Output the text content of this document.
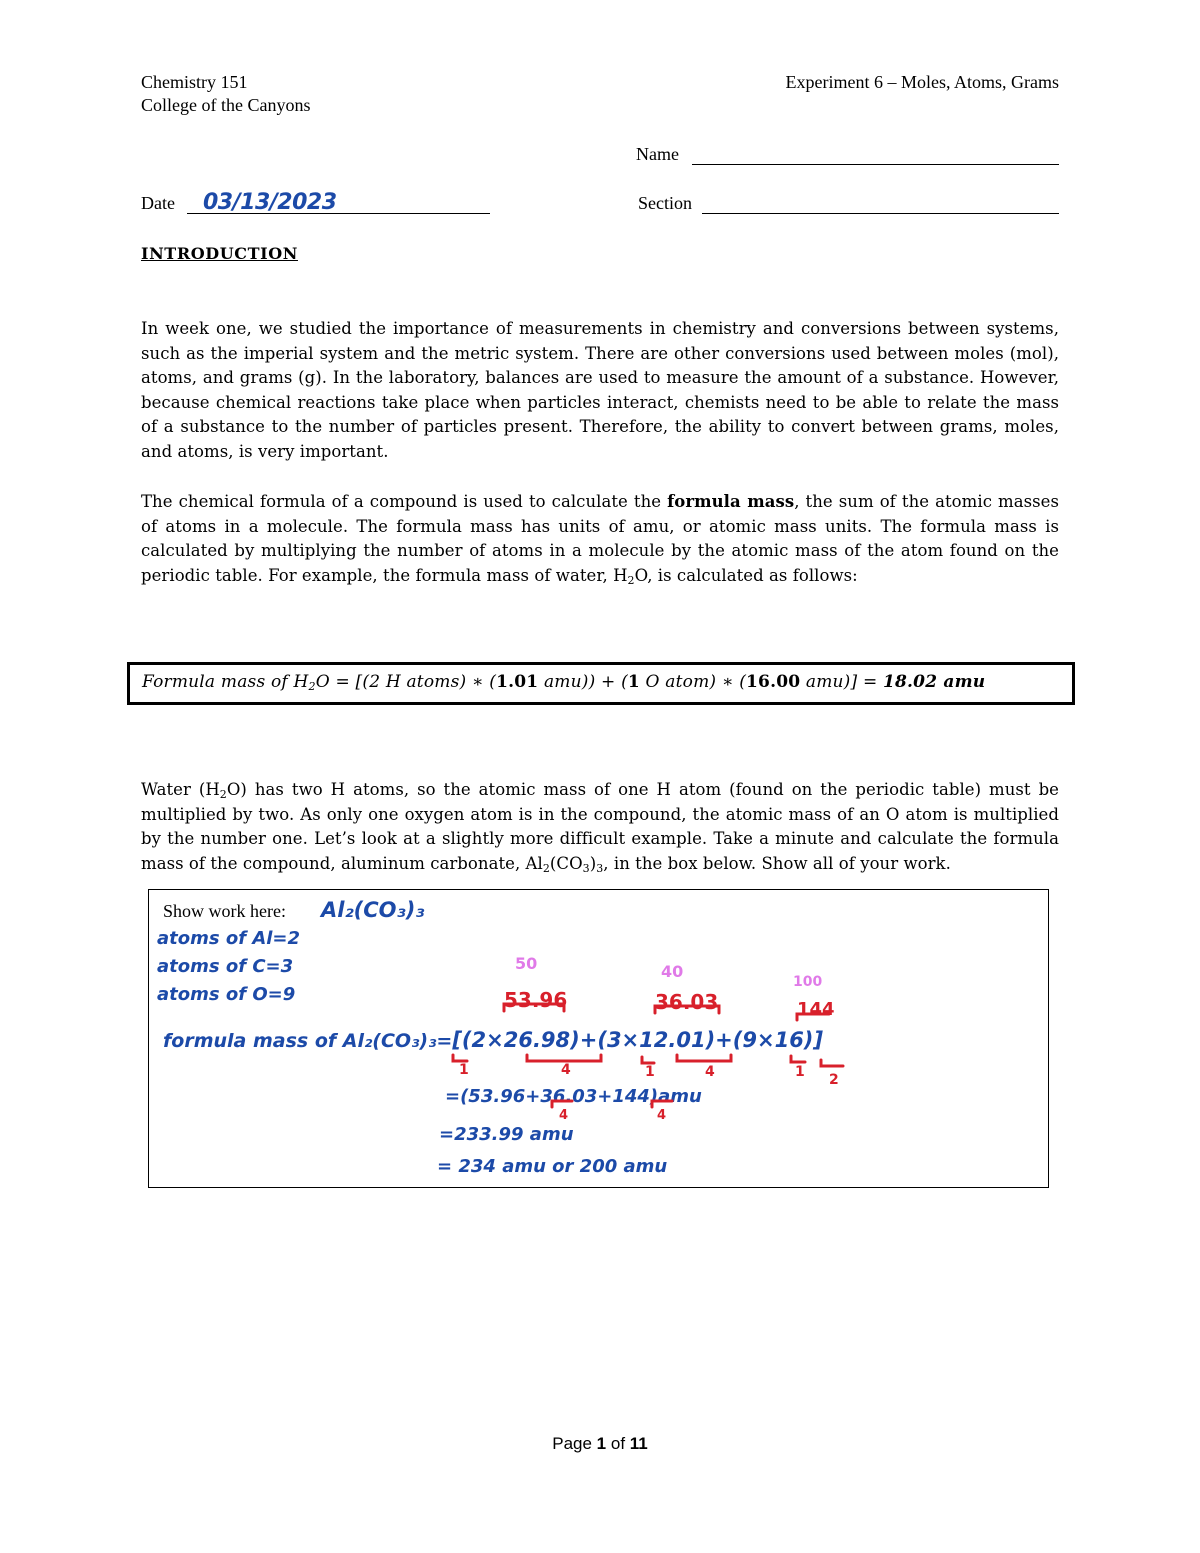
Chemistry 151
College of the Canyons
Experiment 6 – Moles, Atoms, Grams
Name
Date 03/13/2023	Section
INTRODUCTION
In week one, we studied the importance of measurements in chemistry and conversions between systems,
such as the imperial system and the metric system. There are other conversions used between moles (mol),
atoms, and grams (g). In the laboratory, balances are used to measure the amount of a substance. However,
because chemical reactions take place when particles interact, chemists need to be able to relate the mass
of a substance to the number of particles present. Therefore, the ability to convert between grams, moles,
and atoms, is very important.
The chemical formula of a compound is used to calculate the formula mass, the sum of the atomic masses
of atoms in a molecule. The formula mass has units of amu, or atomic mass units. The formula mass is
calculated by multiplying the number of atoms in a molecule by the atomic mass of the atom found on the
periodic table. For example, the formula mass of water, $H_2O$, is calculated as follows:
Formula mass of $H_2O = [(2$ H atoms) ∗ (1.01 amu)) + (1 O atom) ∗ (16.00 amu)] = 18.02 amu
Water $(H_2O)$ has two H atoms, so the atomic mass of one H atom (found on the periodic table) must be
multiplied by two. As only one oxygen atom is in the compound, the atomic mass of an O atom is multiplied
by the number one. Let’s look at a slightly more difficult example. Take a minute and calculate the formula
mass of the compound, aluminum carbonate, $Al_2(CO_3)_3$, in the box below. Show all of your work.
Show work here: Al₂(CO₃)₃
atoms of Al=2
atoms of C=3
atoms of O=9
50	40
100
53.96	36.03	144
formula mass of Al₂(CO₃)₃=[(2×26.98)+(3×12.01)+(9×16)]
1	4	1	4	1 2
=(53.96+36.03+144)amu
4	4
=233.99 amu
= 234 amu or 200 amu
Page 1 of 11
